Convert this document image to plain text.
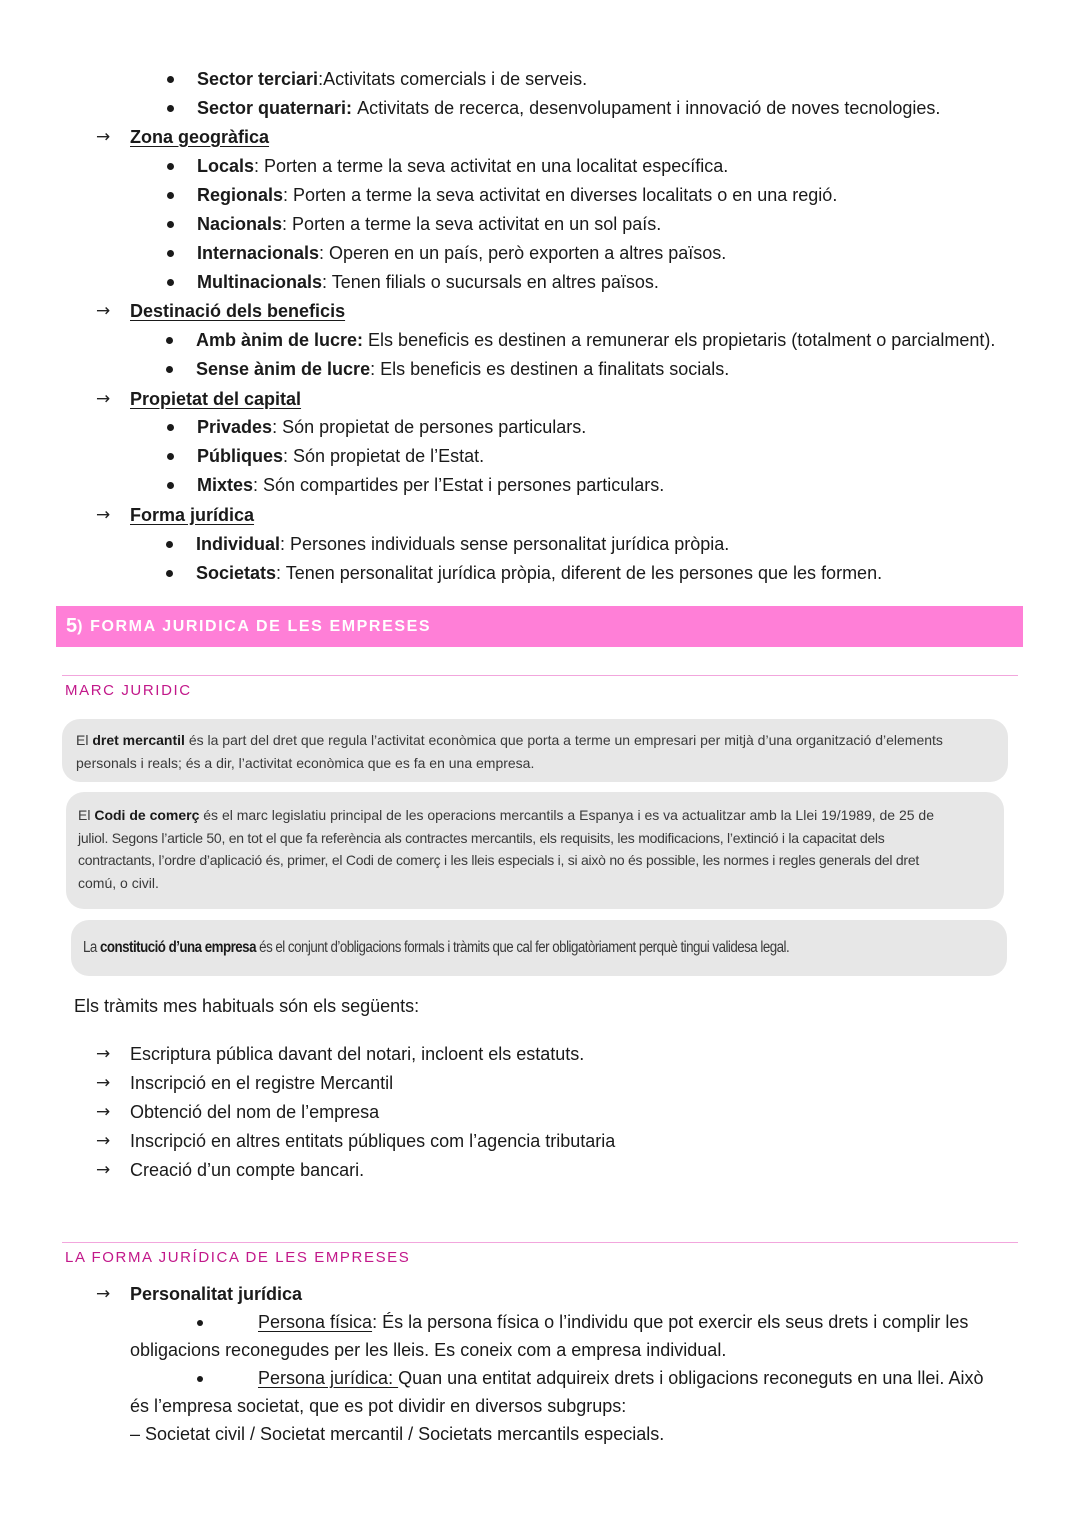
Sector terciari : Activitats comercials i de serveis.
Sector quaternari:
Activitats de recerca, desenvolupament i innovació de noves tecnologies.
→	Zona geogràfica
Locals : Porten a terme la seva activitat en una localitat específica.
Regionals : Porten a terme la seva activitat en diverses localitats o en una regió.
Nacionals : Porten a terme la seva activitat en un sol país.
Internacionals : Operen en un país, però exporten a altres països.
Multinacionals : Tenen filials o sucursals en altres països.
→	Destinació dels beneficis
Amb ànim de lucre: Els beneficis es destinen a remunerar els propietaris (totalment o parcialment).
Sense ànim de lucre : Els beneficis es destinen a finalitats socials.
→	Propietat del capital
Privades : Són propietat de persones particulars.
Públiques : Són propietat de l’Estat.
Mixtes : Són compartides per l’Estat i persones particulars.
→	Forma jurídica
Individual : Persones individuals sense personalitat jurídica pròpia.
Societats : Tenen personalitat jurídica pròpia, diferent de les persones que les formen.
5 ) FORMA JURIDICA DE LES EMPRESES
MARC JURIDIC
El dret mercantil és la part del dret que regula l’activitat econòmica que porta a terme un empresari per mitjà d’una organització d’elements
personals i reals; és a dir, l’activitat econòmica que es fa en una empresa.
El Codi de comerç és el marc legislatiu principal de les operacions mercantils a Espanya i es va actualitzar amb la Llei 19/1989, de 25 de
juliol. Segons l’article 50, en tot el que fa referència als contractes mercantils, els requisits, les modificacions, l’extinció i la capacitat dels
contractants, l’ordre d’aplicació és, primer, el Codi de comerç i les lleis especials i, si això no és possible, les normes i regles generals del dret
comú, o civil.
La constitució d’una empresa és el conjunt d’obligacions formals i tràmits que cal fer obligatòriament perquè tingui validesa legal.
Els tràmits mes habituals són els següents:
→	Escriptura pública davant del notari, incloent els estatuts.
→	Inscripció en el registre Mercantil
→	Obtenció del nom de l’empresa
→	Inscripció en altres entitats públiques com l’agencia tributaria
→	Creació d’un compte bancari.
LA FORMA JURÍDICA DE LES EMPRESES
→	Personalitat jurídica
Persona física: És la persona física o l’individu que pot exercir els seus drets i complir les
obligacions reconegudes per les lleis. Es coneix com a empresa individual.
Persona jurídica: Quan una entitat adquireix drets i obligacions reconeguts en una llei. Això
és l’empresa societat, que es pot dividir en diversos subgrups:
– Societat civil / Societat mercantil / Societats mercantils especials.
